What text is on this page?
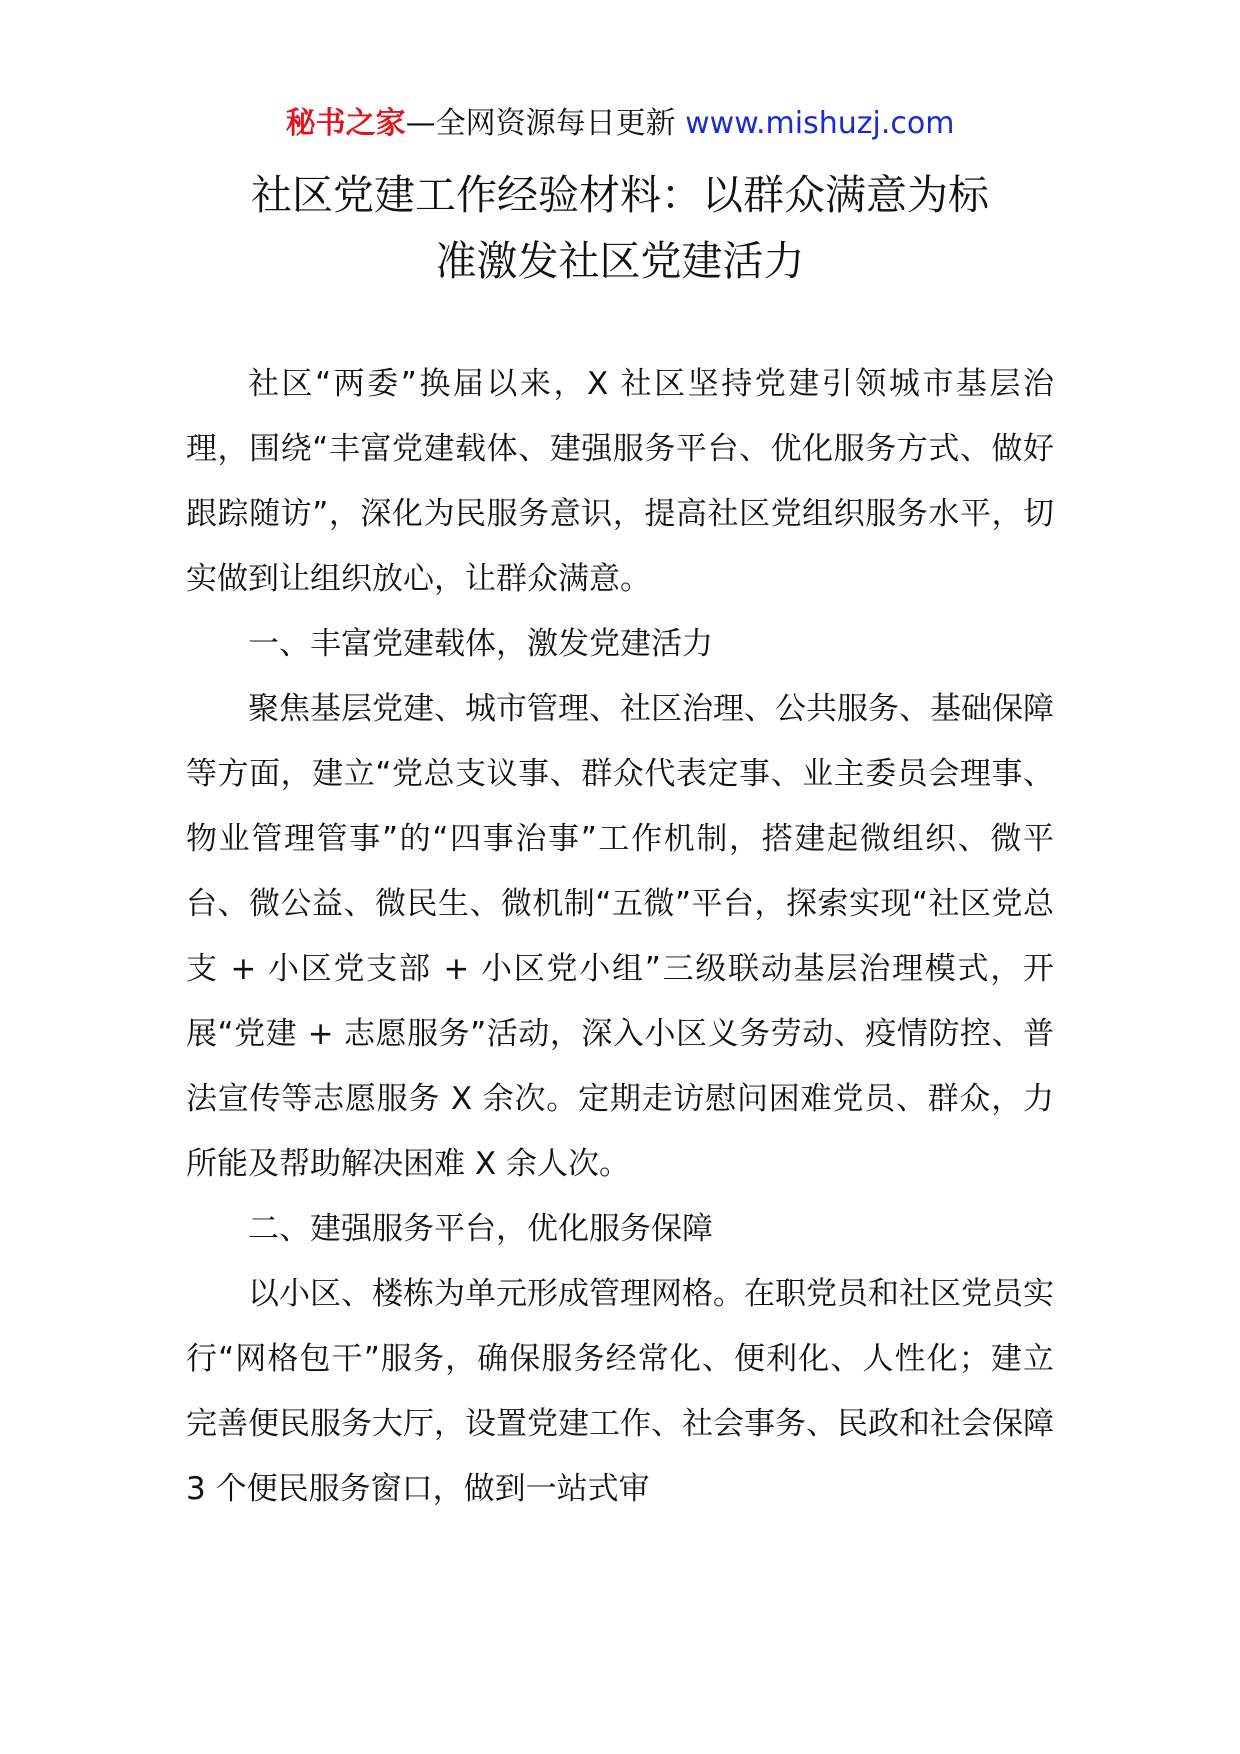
秘书之家—全网资源每日更新 www.mishuzj.com
社区党建工作经验材料：以群众满意为标
准激发社区党建活力

社区“两委”换届以来，X 社区坚持党建引领城市基层治理，围绕“丰富党建载体、建强服务平台、优化服务方式、做好跟踪随访”，深化为民服务意识，提高社区党组织服务水平，切实做到让组织放心，让群众满意。

一、丰富党建载体，激发党建活力

聚焦基层党建、城市管理、社区治理、公共服务、基础保障等方面，建立“党总支议事、群众代表定事、业主委员会理事、物业管理管事”的“四事治事”工作机制，搭建起微组织、微平台、微公益、微民生、微机制“五微”平台，探索实现“社区党总支 + 小区党支部 + 小区党小组”三级联动基层治理模式，开展“党建 + 志愿服务”活动，深入小区义务劳动、疫情防控、普法宣传等志愿服务 X 余次。定期走访慰问困难党员、群众，力所能及帮助解决困难 X 余人次。

二、建强服务平台，优化服务保障

以小区、楼栋为单元形成管理网格。在职党员和社区党员实行“网格包干”服务，确保服务经常化、便利化、人性化；建立完善便民服务大厅，设置党建工作、社会事务、民政和社会保障 3 个便民服务窗口，做到一站式审
